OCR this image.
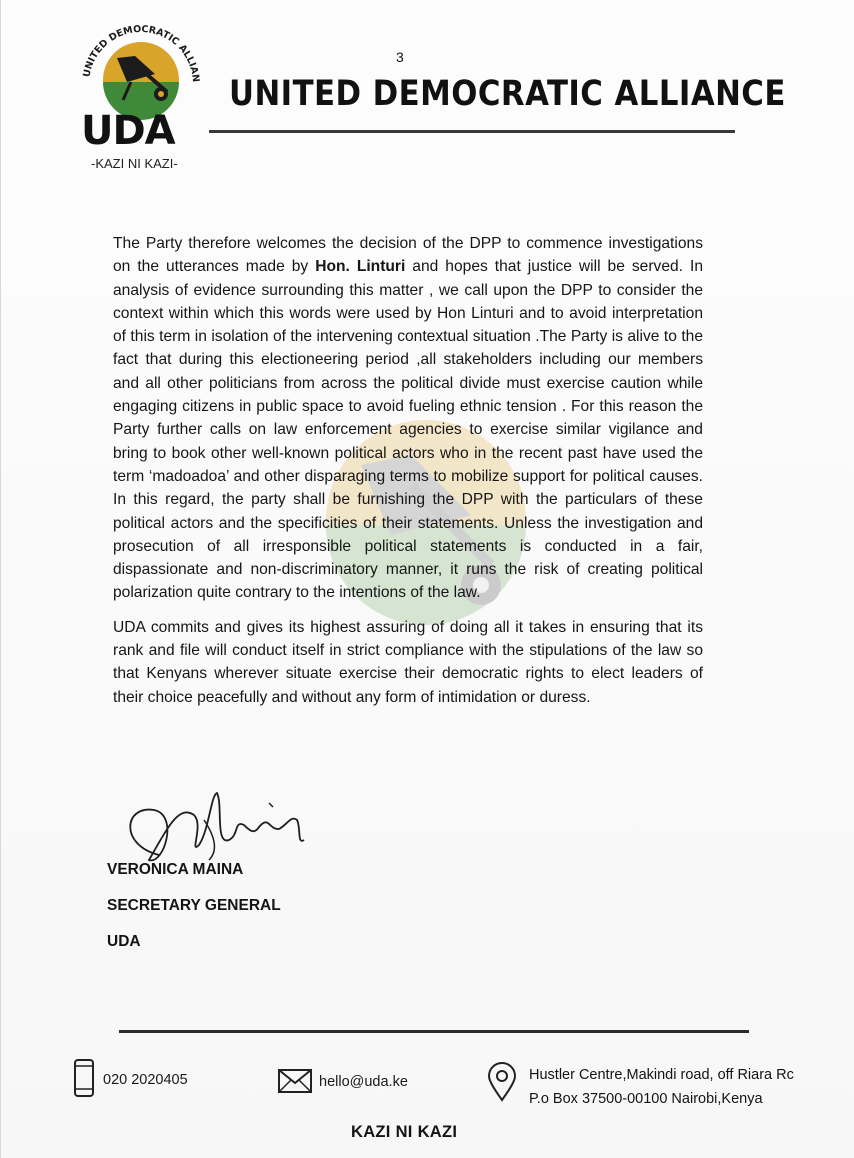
UNITED DEMOCRATIC ALLIAN
UDA
-KAZI NI KAZI-
3
UNITED DEMOCRATIC ALLIANCE

The Party therefore welcomes the decision of the DPP to commence investigations on the utterances made by Hon. Linturi and hopes that justice will be served. In analysis of evidence surrounding this matter , we call upon the DPP to consider the context within which this words were used by Hon Linturi and to avoid interpretation of this term in isolation of the intervening contextual situation .The Party is alive to the fact that during this electioneering period ,all stakeholders including our members and all other politicians from across the political divide must exercise caution while engaging citizens in public space to avoid fueling ethnic tension . For this reason the Party further calls on law enforcement agencies to exercise similar vigilance and bring to book other well-known political actors who in the recent past have used the term ‘madoadoa’ and other disparaging terms to mobilize support for political causes. In this regard, the party shall be furnishing the DPP with the particulars of these political actors and the specificities of their statements. Unless the investigation and prosecution of all irresponsible political statements is conducted in a fair, dispassionate and non-discriminatory manner, it runs the risk of creating political polarization quite contrary to the intentions of the law.

UDA commits and gives its highest assuring of doing all it takes in ensuring that its rank and file will conduct itself in strict compliance with the stipulations of the law so that Kenyans wherever situate exercise their democratic rights to elect leaders of their choice peacefully and without any form of intimidation or duress.

VERONICA MAINA
SECRETARY GENERAL
UDA
020 2020405	hello@uda.ke	Hustler Centre,Makindi road, off Riara Rc
P.o Box 37500-00100 Nairobi,Kenya
KAZI NI KAZI
